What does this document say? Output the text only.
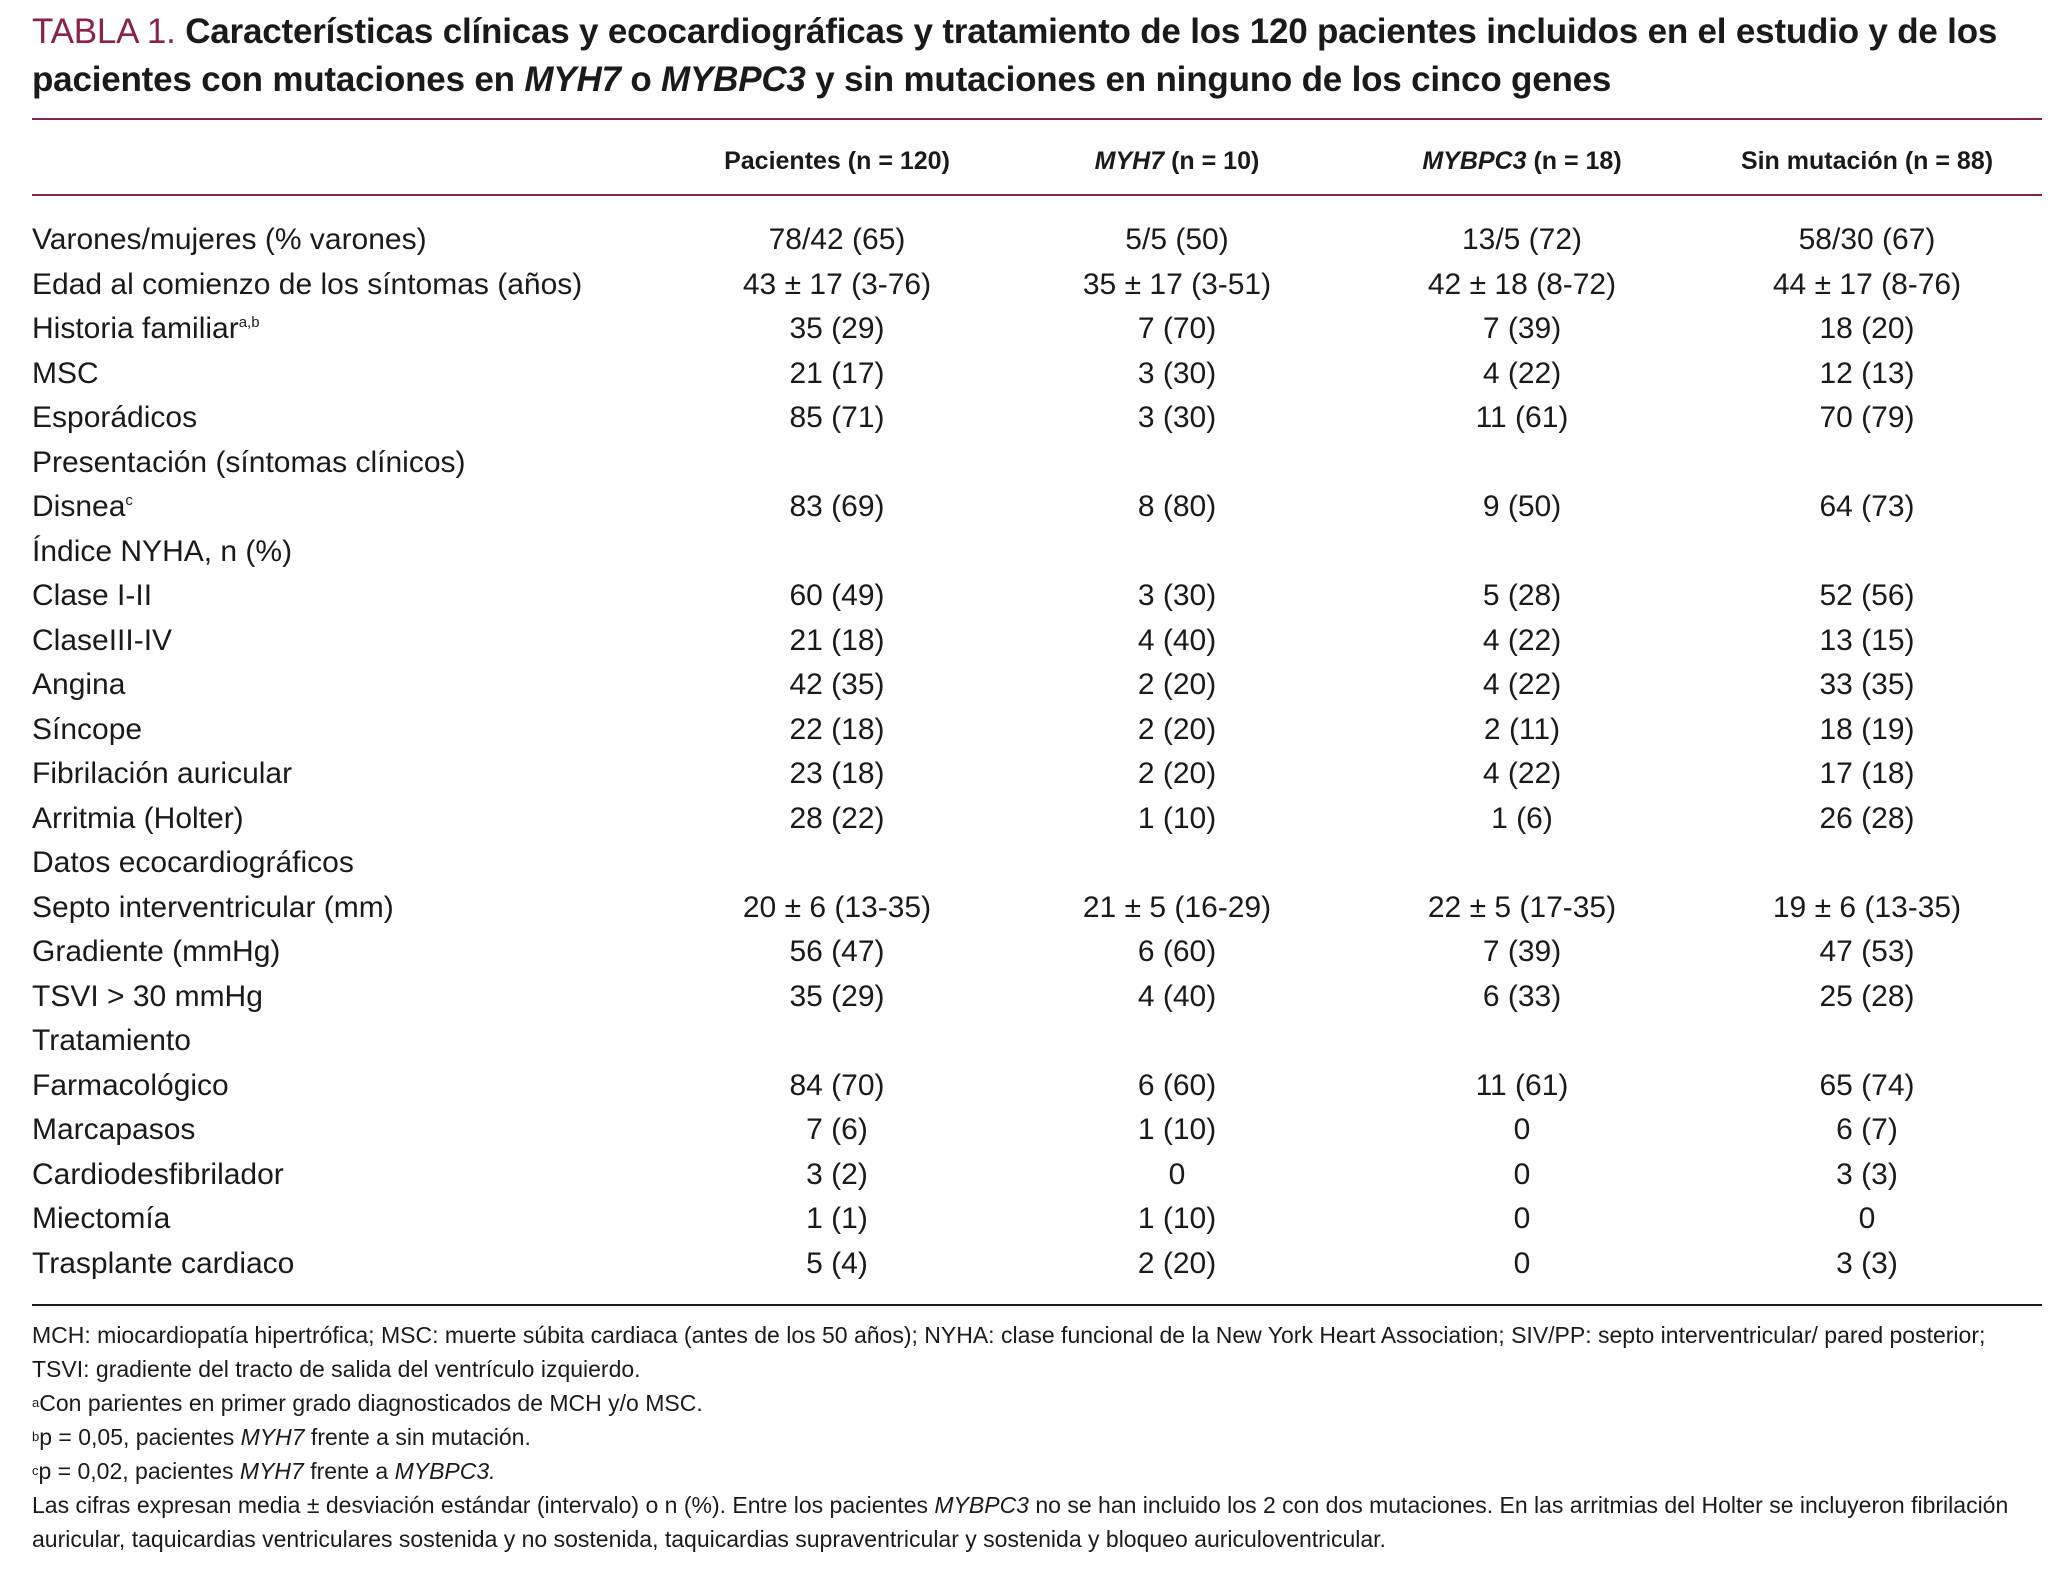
TABLA 1. Características clínicas y ecocardiográficas y tratamiento de los 120 pacientes incluidos en el estudio y de los pacientes con mutaciones en MYH7 o MYBPC3 y sin mutaciones en ninguno de los cinco genes
	Pacientes (n = 120)	MYH7 (n = 10)	MYBPC3 (n = 18)	Sin mutación (n = 88)

Varones/mujeres (% varones)	78/42 (65)	5/5 (50)	13/5 (72)	58/30 (67)
Edad al comienzo de los síntomas (años)	43 ± 17 (3-76)	35 ± 17 (3-51)	42 ± 18 (8-72)	44 ± 17 (8-76)
Historia familiar$^{a,b}$	35 (29)	7 (70)	7 (39)	18 (20)
MSC	21 (17)	3 (30)	4 (22)	12 (13)
Esporádicos	85 (71)	3 (30)	11 (61)	70 (79)
Presentación (síntomas clínicos)				
Disnea$^c$	83 (69)	8 (80)	9 (50)	64 (73)
Índice NYHA, n (%)				
Clase I-II	60 (49)	3 (30)	5 (28)	52 (56)
ClaseIII-IV	21 (18)	4 (40)	4 (22)	13 (15)
Angina	42 (35)	2 (20)	4 (22)	33 (35)
Síncope	22 (18)	2 (20)	2 (11)	18 (19)
Fibrilación auricular	23 (18)	2 (20)	4 (22)	17 (18)
Arritmia (Holter)	28 (22)	1 (10)	1 (6)	26 (28)
Datos ecocardiográficos				
Septo interventricular (mm)	20 ± 6 (13-35)	21 ± 5 (16-29)	22 ± 5 (17-35)	19 ± 6 (13-35)
Gradiente (mmHg)	56 (47)	6 (60)	7 (39)	47 (53)
TSVI > 30 mmHg	35 (29)	4 (40)	6 (33)	25 (28)
Tratamiento				
Farmacológico	84 (70)	6 (60)	11 (61)	65 (74)
Marcapasos	7 (6)	1 (10)	0	6 (7)
Cardiodesfibrilador	3 (2)	0	0	3 (3)
Miectomía	1 (1)	1 (10)	0	0
Trasplante cardiaco	5 (4)	2 (20)	0	3 (3)

MCH: miocardiopatía hipertrófica; MSC: muerte súbita cardiaca (antes de los 50 años); NYHA: clase funcional de la New York Heart Association; SIV/PP: septo interventricular/ pared posterior; TSVI: gradiente del tracto de salida del ventrículo izquierdo.

$^a$Con parientes en primer grado diagnosticados de MCH y/o MSC.

$^b$p = 0,05, pacientes MYH7 frente a sin mutación.

$^c$p = 0,02, pacientes MYH7 frente a MYBPC3.

Las cifras expresan media ± desviación estándar (intervalo) o n (%). Entre los pacientes MYBPC3 no se han incluido los 2 con dos mutaciones. En las arritmias del Holter se incluyeron fibrilación auricular, taquicardias ventriculares sostenida y no sostenida, taquicardias supraventricular y sostenida y bloqueo auriculoventricular.
